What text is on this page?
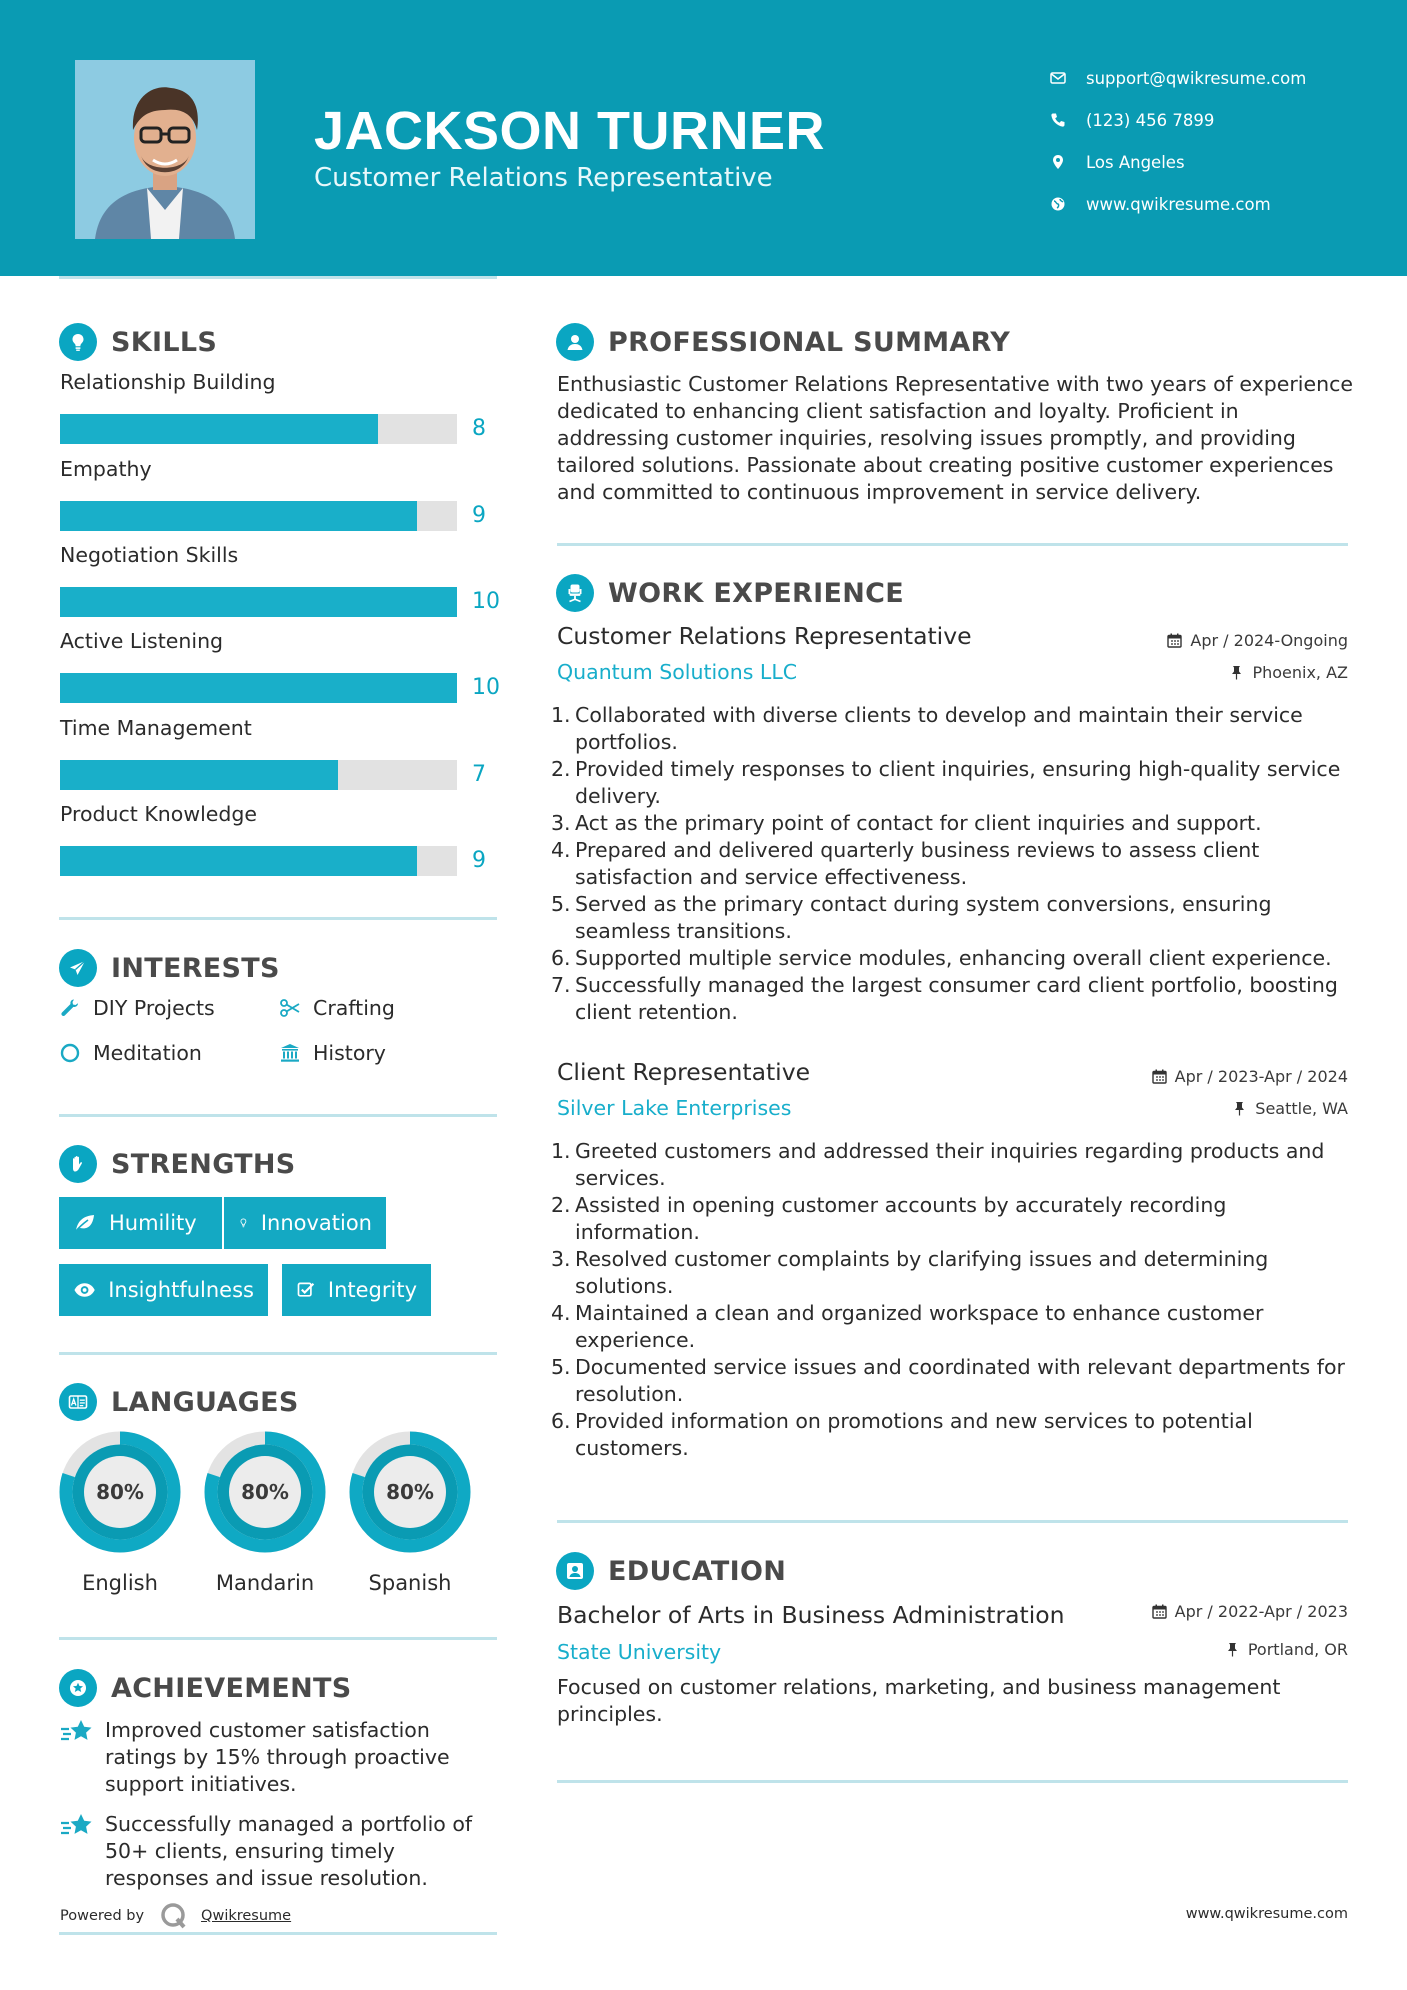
JACKSON TURNER
Customer Relations Representative
support@qwikresume.com
(123) 456 7899
Los Angeles
www.qwikresume.com
SKILLS
Relationship Building
8
Empathy
9
Negotiation Skills
10
Active Listening
10
Time Management
7
Product Knowledge
9
INTERESTS
DIY Projects	Crafting
Meditation	History
STRENGTHS
Humility	Innovation
Insightfulness	Integrity
LANGUAGES
80%
English
80%
Mandarin
80%
Spanish
ACHIEVEMENTS
Improved customer satisfaction ratings by 15% through proactive support initiatives.
Successfully managed a portfolio of 50+ clients, ensuring timely responses and issue resolution.
PROFESSIONAL SUMMARY
Enthusiastic Customer Relations Representative with two years of experience dedicated to enhancing client satisfaction and loyalty. Proficient in addressing customer inquiries, resolving issues promptly, and providing tailored solutions. Passionate about creating positive customer experiences and committed to continuous improvement in service delivery.
WORK EXPERIENCE
Customer Relations Representative	Apr / 2024-Ongoing
Quantum Solutions LLC	Phoenix, AZ
1. Collaborated with diverse clients to develop and maintain their service portfolios.
2. Provided timely responses to client inquiries, ensuring high-quality service delivery.
3. Act as the primary point of contact for client inquiries and support.
4. Prepared and delivered quarterly business reviews to assess client satisfaction and service effectiveness.
5. Served as the primary contact during system conversions, ensuring seamless transitions.
6. Supported multiple service modules, enhancing overall client experience.
7. Successfully managed the largest consumer card client portfolio, boosting client retention.
Client Representative	Apr / 2023-Apr / 2024
Silver Lake Enterprises	Seattle, WA
1. Greeted customers and addressed their inquiries regarding products and services.
2. Assisted in opening customer accounts by accurately recording information.
3. Resolved customer complaints by clarifying issues and determining solutions.
4. Maintained a clean and organized workspace to enhance customer experience.
5. Documented service issues and coordinated with relevant departments for resolution.
6. Provided information on promotions and new services to potential customers.
EDUCATION
Bachelor of Arts in Business Administration	Apr / 2022-Apr / 2023
State University	Portland, OR
Focused on customer relations, marketing, and business management principles.
Powered by	Qwikresume	www.qwikresume.com
